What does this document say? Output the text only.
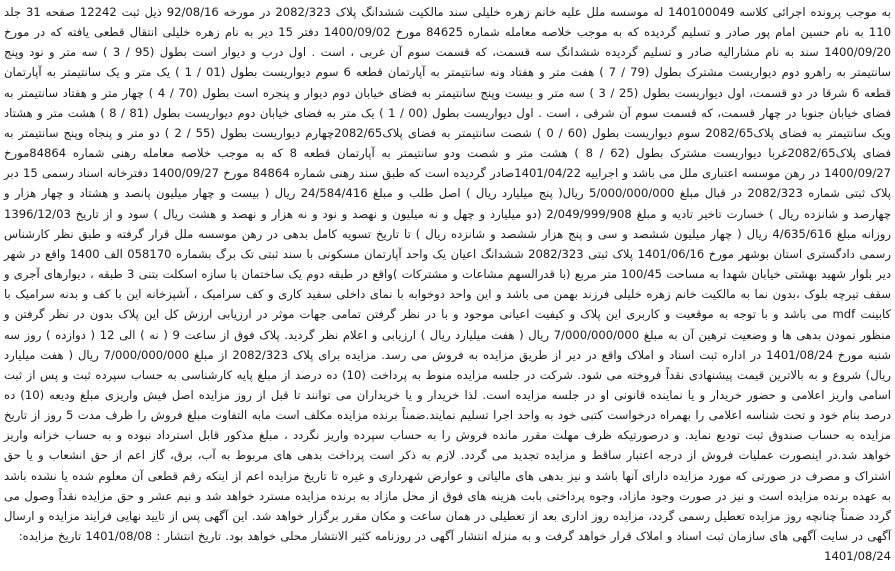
به موجب پرونده اجرائی کلاسه 140100049 له موسسه ملل علیه خانم زهره خلیلی سند مالکیت ششدانگ پلاک 2082/323 در مورخه 92/08/16 ذیل ثبت 12242 صفحه 31 جلد 110 به نام حسین امام پور صادر و تسلیم گردیده که به موجب خلاصه معامله شماره 84625 مورخ 1400/09/02 دفتر 15 دیر به نام زهره خلیلی انتقال قطعی یافته که در مورخ 1400/09/20 سند به نام مشارالیه صادر و تسلیم گردیده ششدانگ سه قسمت، که قسمت سوم آن غربی ، است . اول درب و دیوار است بطول (95 / 3 ) سه متر و نود وپنج سانتیمتر به راهرو دوم دیواریست مشترک بطول (79 / 7 ) هفت متر و هفتاد ونه سانتیمتر به آپارتمان قطعه 6 سوم دیواریست بطول (01 / 1 ) یک متر و یک سانتیمتر به آپارتمان قطعه 6 شرقا در دو قسمت، اول دیواریست بطول (25 / 3 ) سه متر و بیست وپنج سانتیمتر به فضای خیابان دوم دیوار و پنجره است بطول (70 / 4 ) چهار متر و هفتاد سانتیمتر به فضای خیابان جنوبا در چهار قسمت، که قسمت سوم آن شرقی ، است . اول دیواریست بطول (00 / 1 ) یک متر به فضای خیابان دوم دیواریست بطول (81 / 8 ) هشت متر و هشتاد ویک سانتیمتر به فضای پلاک2082/65 سوم دیواریست بطول (60 / 0 ) شصت سانتیمتر به فضای پلاک2082/65چهارم دیواریست بطول (55 / 2 ) دو متر و پنجاه وپنج سانتیمتر به فضای پلاک2082/65غربا دیواریست مشترک بطول (62 / 8 ) هشت متر و شصت ودو سانتیمتر به آپارتمان قطعه 8 که به موجب خلاصه معامله رهنی شماره 84864مورخ 1400/09/27 در رهن موسسه اعتباری ملل می باشد و اجراییه 1401/04/22صادر گردیده است که طبق سند رهنی شماره 84864 مورخ 1400/09/27 دفترخانه اسناد رسمی 15 دبر پلاک ثبتی شماره 2082/323 در قبال مبلغ 5/000/000/000 ریال( پنج میلیارد ریال ) اصل طلب و مبلغ 24/584/416 ریال ( بیست و چهار میلیون پانصد و هشتاد و چهار هزار و چهارصد و شانزده ریال ) خسارت تاخیر تادیه و مبلغ 2/049/999/908 (دو میلیارد و چهل و نه میلیون و نهصد و نود و نه هزار و نهصد و هشت ریال ) سود و از تاریخ 1396/12/03 روزانه مبلغ 4/635/616 ریال ( چهار میلیون ششصد و سی و پنج هزار ششصد و شانزده ریال ) تا تاریخ تسویه کامل بدهی در رهن موسسه ملل قرار گرفته و طبق نظر کارشناس رسمی دادگستری استان بوشهر مورخ 1401/06/16 پلاک ثبتی 2082/323 ششدانگ اعیان یک واحد آپارتمان مسکونی با سند ثبتی تک برگ بشماره 058170 الف 1400 واقع در شهر دیر بلوار شهید بهشتی خیابان شهدا به مساحت 100/45 متر مربع (با قدرالسهم مشاعات و مشترکات )واقع در طبقه دوم یک ساختمان با سازه اسکلت بتنی 3 طبقه ، دیوارهای آجری و سقف تیرچه بلوک ،بدون نما به مالکیت خانم زهره خلیلی فرزند بهمن می باشد و این واحد دوخوابه با نمای داخلی سفید کاری و کف سرامیک ، آشپزخانه این با کف و بدنه سرامیک با کابینت mdf می باشد و با توجه به موقعیت و کاربری این پلاک و کیفیت اعیانی موجود و با در نظر گرفتن تمامی جهات موثر در ارزیابی ارزش کل این پلاک بدون در نظر گرفتن و منظور نمودن بدهی ها و وضعیت ترهین آن به مبلغ 7/000/000/000 ریال ( هفت میلیارد ریال ) ارزیابی و اعلام نظر گردید. پلاک فوق از ساعت 9 ( نه ) الی 12 ( دوازده ) روز سه شنبه مورخ 1401/08/24 در اداره ثبت اسناد و املاک واقع در دیر از طریق مزایده به فروش می رسد. مزایده برای پلاک 2082/323 از مبلغ 7/000/000/000 ریال ( هفت میلیارد ریال) شروع و به بالاترین قیمت پیشنهادی نقداً فروخته می شود. شرکت در جلسه مزایده منوط به پرداخت (10) ده درصد از مبلغ پایه کارشناسی به حساب سپرده ثبت و پس از ثبت اسامی واریز اعلامی و حضور خریدار و یا نماینده قانونی او در جلسه مزایده است. لذا خریدار و یا خریداران می توانند تا قبل از روز مزایده اصل فیش واریزی مبلغ ودیعه (10) ده درصد بنام خود و تحت شناسه اعلامی را بهمراه درخواست کتبی خود به واحد اجرا تسلیم نمایند.ضمناً برنده مزایده مکلف است مابه التفاوت مبلغ فروش را ظرف مدت 5 روز از تاریخ مزایده به حساب صندوق ثبت تودیع نماید. و درصورتیکه ظرف مهلت مقرر مانده فروش را به حساب سپرده واریز نگردد ، مبلغ مذکور قابل استرداد نبوده و به حساب خزانه واریز خواهد شد.در اینصورت عملیات فروش از درجه اعتبار ساقط و مزایده تجدید می گردد. لازم به ذکر است پرداخت بدهی های مربوط به آب، برق، گاز اعم از حق انشعاب و یا حق اشتراک و مصرف در صورتی که مورد مزایده دارای آنها باشد و نیز بدهی های مالیاتی و عوارض شهرداری و غیره تا تاریخ مزایده اعم از اینکه رقم قطعی آن معلوم شده یا نشده باشد به عهده برنده مزایده است و نیز در صورت وجود مازاد، وجوه پرداختی بابت هزینه های فوق از محل مازاد به برنده مزایده مسترد خواهد شد و نیم عشر و حق مزایده نقداً وصول می گردد ضمناً چنانچه روز مزایده تعطیل رسمی گردد، مزایده روز اداری بعد از تعطیلی در همان ساعت و مکان مقرر برگزار خواهد شد. این آگهی پس از تایید نهایی فرایند مزایده و ارسال آگهی در سایت آگهی های سازمان ثبت اسناد و املاک قرار خواهد گرفت و به منزله انتشار آگهی در روزنامه کثیر الانتشار محلی خواهد بود. تاریخ انتشار : 1401/08/08 تاریخ مزایده:

1401/08/24
